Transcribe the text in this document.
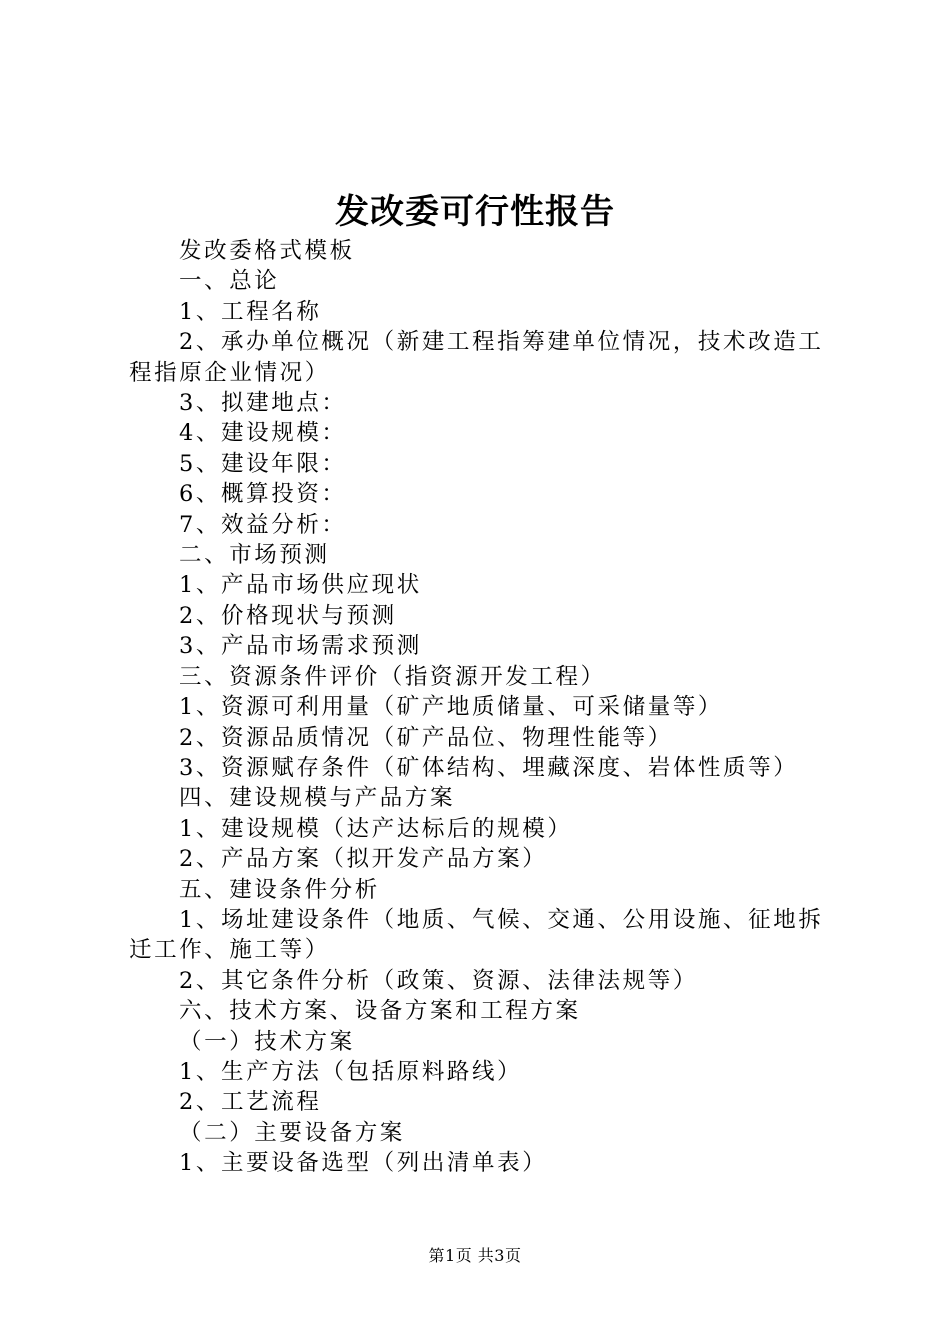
发改委可行性报告

发改委格式模板

一、总论

1、工程名称

2、承办单位概况（新建工程指筹建单位情况，技术改造工程指原企业情况）

3、拟建地点：

4、建设规模：

5、建设年限：

6、概算投资：

7、效益分析：

二、市场预测

1、产品市场供应现状

2、价格现状与预测

3、产品市场需求预测

三、资源条件评价（指资源开发工程）

1、资源可利用量（矿产地质储量、可采储量等）

2、资源品质情况（矿产品位、物理性能等）

3、资源赋存条件（矿体结构、埋藏深度、岩体性质等）

四、建设规模与产品方案

1、建设规模（达产达标后的规模）

2、产品方案（拟开发产品方案）

五、建设条件分析

1、场址建设条件（地质、气候、交通、公用设施、征地拆迁工作、施工等）

2、其它条件分析（政策、资源、法律法规等）

六、技术方案、设备方案和工程方案

（一）技术方案

1、生产方法（包括原料路线）

2、工艺流程

（二）主要设备方案

1、主要设备选型（列出清单表）

第1页 共3页
